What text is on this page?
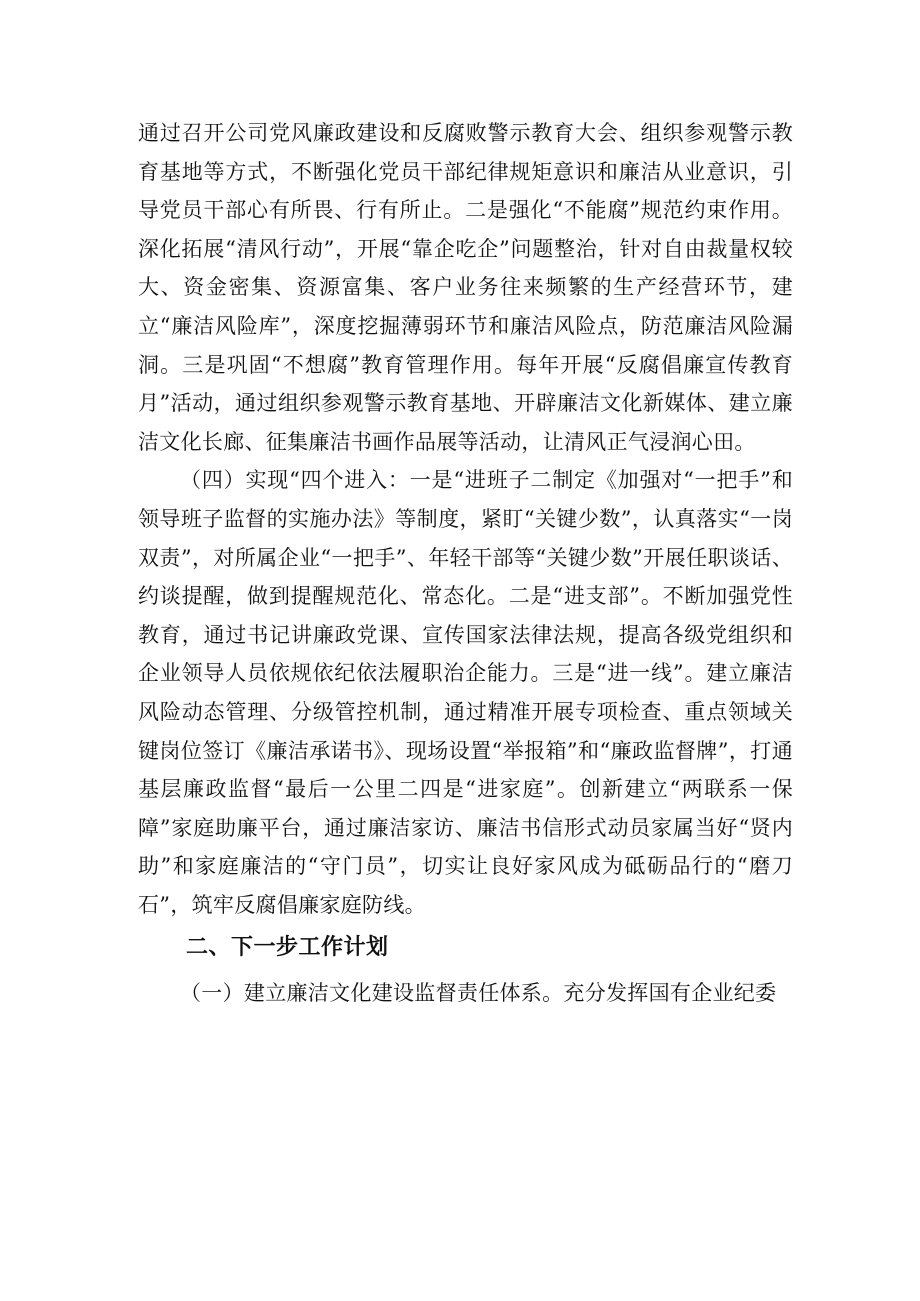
通过召开公司党风廉政建设和反腐败警示教育大会、组织参观警示教育基地等方式，不断强化党员干部纪律规矩意识和廉洁从业意识，引导党员干部心有所畏、行有所止。二是强化“不能腐”规范约束作用。深化拓展“清风行动”，开展“靠企吃企”问题整治，针对自由裁量权较大、资金密集、资源富集、客户业务往来频繁的生产经营环节，建立“廉洁风险库”，深度挖掘薄弱环节和廉洁风险点，防范廉洁风险漏洞。三是巩固“不想腐”教育管理作用。每年开展“反腐倡廉宣传教育月”活动，通过组织参观警示教育基地、开辟廉洁文化新媒体、建立廉洁文化长廊、征集廉洁书画作品展等活动，让清风正气浸润心田。

（四）实现“四个进入：一是“进班子二制定《加强对“一把手”和领导班子监督的实施办法》等制度，紧盯“关键少数”，认真落实“一岗双责”，对所属企业“一把手”、年轻干部等“关键少数”开展任职谈话、约谈提醒，做到提醒规范化、常态化。二是“进支部”。不断加强党性教育，通过书记讲廉政党课、宣传国家法律法规，提高各级党组织和企业领导人员依规依纪依法履职治企能力。三是“进一线”。建立廉洁风险动态管理、分级管控机制，通过精准开展专项检查、重点领域关键岗位签订《廉洁承诺书》、现场设置“举报箱”和“廉政监督牌”，打通基层廉政监督“最后一公里二四是“进家庭”。创新建立“两联系一保障”家庭助廉平台，通过廉洁家访、廉洁书信形式动员家属当好“贤内助”和家庭廉洁的“守门员”，切实让良好家风成为砥砺品行的“磨刀石”，筑牢反腐倡廉家庭防线。

二、下一步工作计划

（一）建立廉洁文化建设监督责任体系。充分发挥国有企业纪委
